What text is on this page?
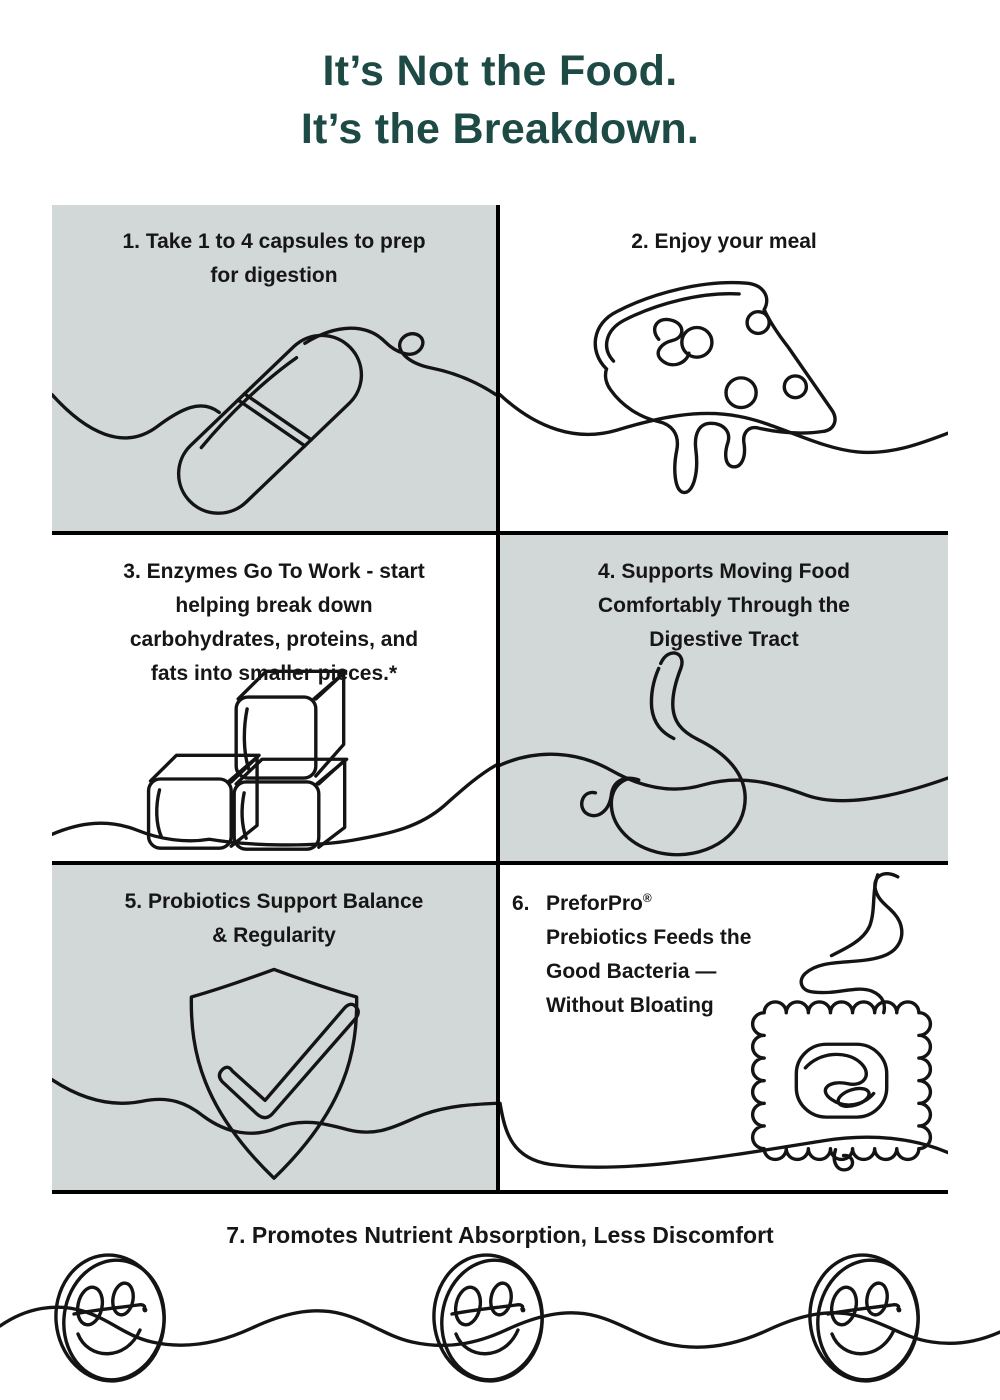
It’s Not the Food.
It’s the Breakdown.
1. Take 1 to 4 capsules to prep
for digestion
2. Enjoy your meal
3. Enzymes Go To Work - start
helping break down
carbohydrates, proteins, and
fats into smaller pieces.*
4. Supports Moving Food
Comfortably Through the
Digestive Tract
5. Probiotics Support Balance
& Regularity
6. PreforPro®
Prebiotics Feeds the
Good Bacteria —
Without Bloating
7. Promotes Nutrient Absorption, Less Discomfort
